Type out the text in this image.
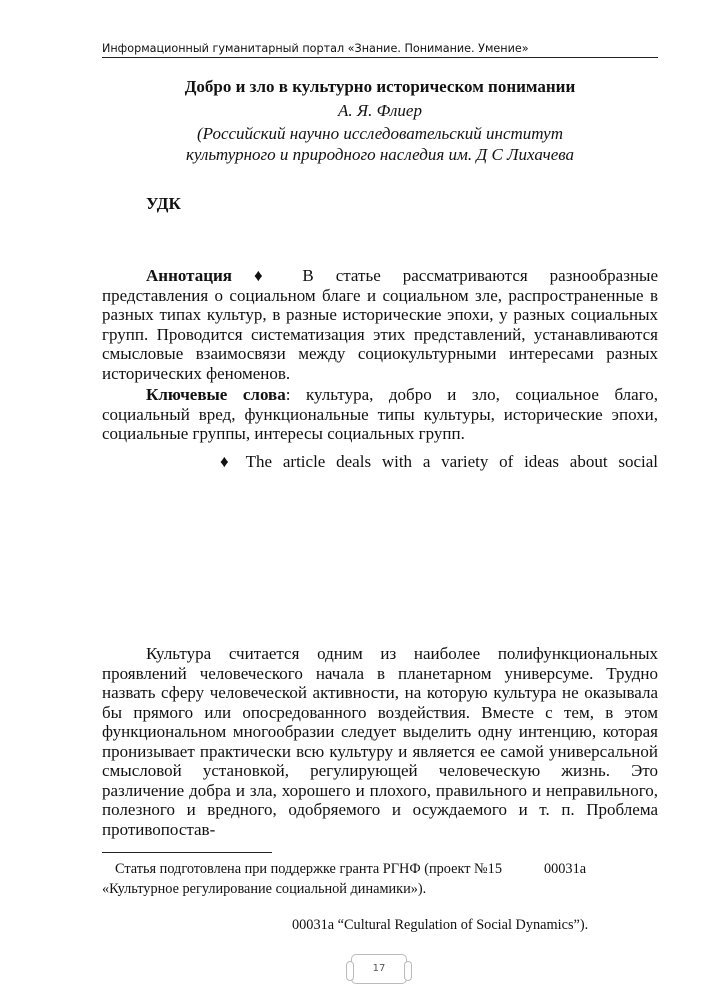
Информационный гуманитарный портал «Знание. Понимание. Умение»
Добро и зло в культурно историческом понимании
А. Я. Флиер
(Российский научно исследовательский институт
культурного и природного наследия им. Д С Лихачева
УДК

Аннотация ♦ В статье рассматриваются разнообразные представления о социальном благе и социальном зле, распространенные в разных типах культур, в разные исторические эпохи, у разных социальных групп. Проводится систематизация этих представлений, устанавливаются смысловые взаимосвязи между социокультурными интересами разных исторических феноменов.

Ключевые слова: культура, добро и зло, социальное благо, социальный вред, функциональные типы культуры, исторические эпохи, социальные группы, интересы социальных групп.

♦ The article deals with a variety of ideas about social

Культура считается одним из наиболее полифункциональных проявлений человеческого начала в планетарном универсуме. Трудно назвать сферу человеческой активности, на которую культура не оказывала бы прямого или опосредованного воздействия. Вместе с тем, в этом функциональном многообразии следует выделить одну интенцию, которая пронизывает практически всю культуру и является ее самой универсальной смысловой установкой, регулирующей человеческую жизнь. Это различение добра и зла, хорошего и плохого, правильного и неправильного, полезного и вредного, одобряемого и осуждаемого и т. п. Проблема противопостав-

Статья подготовлена при поддержке гранта РГНФ (проект №15	00031а
«Культурное регулирование социальной динамики»).
00031а “Cultural Regulation of Social Dynamics”).
17
